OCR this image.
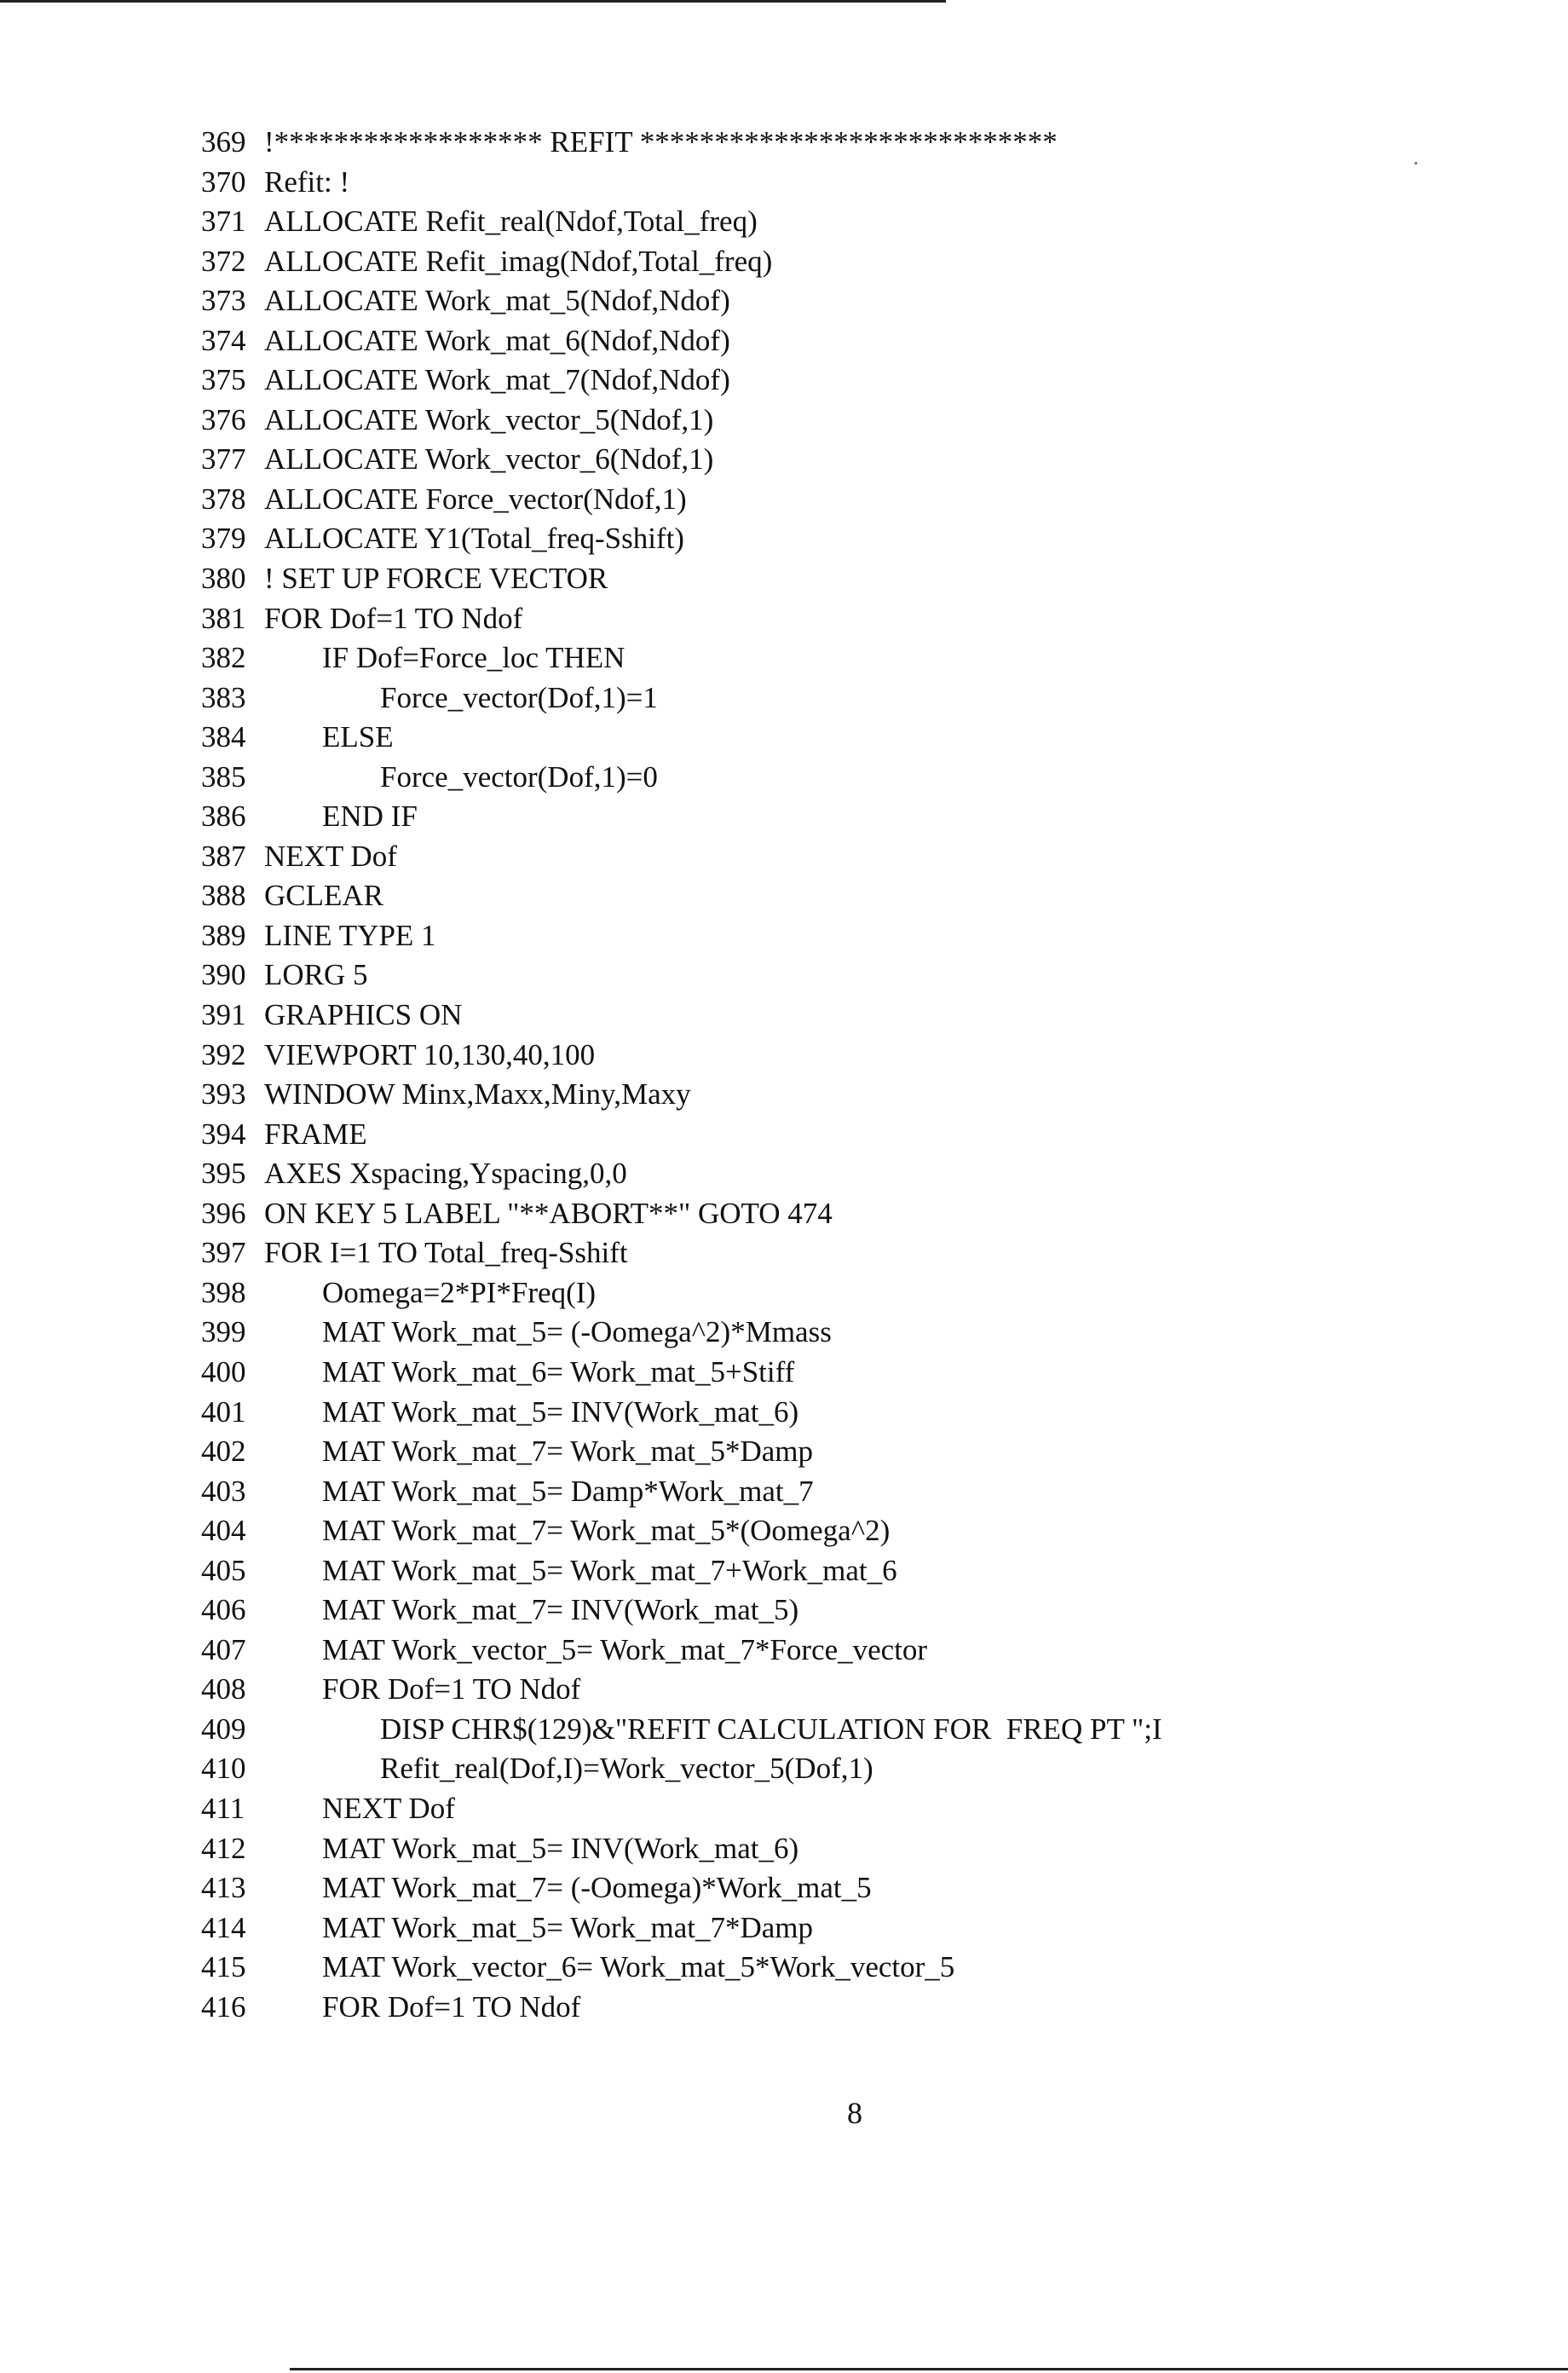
369 !****************** REFIT ****************************
370 Refit: !
371 ALLOCATE Refit_real(Ndof,Total_freq)
372 ALLOCATE Refit_imag(Ndof,Total_freq)
373 ALLOCATE Work_mat_5(Ndof,Ndof)
374 ALLOCATE Work_mat_6(Ndof,Ndof)
375 ALLOCATE Work_mat_7(Ndof,Ndof)
376 ALLOCATE Work_vector_5(Ndof,1)
377 ALLOCATE Work_vector_6(Ndof,1)
378 ALLOCATE Force_vector(Ndof,1)
379 ALLOCATE Y1(Total_freq-Sshift)
380 ! SET UP FORCE VECTOR
381 FOR Dof=1 TO Ndof
382	IF Dof=Force_loc THEN
383	Force_vector(Dof,1)=1
384	ELSE
385	Force_vector(Dof,1)=0
386	END IF
387 NEXT Dof
388 GCLEAR
389 LINE TYPE 1
390 LORG 5
391 GRAPHICS ON
392 VIEWPORT 10,130,40,100
393 WINDOW Minx,Maxx,Miny,Maxy
394 FRAME
395 AXES Xspacing,Yspacing,0,0
396 ON KEY 5 LABEL "**ABORT**" GOTO 474
397 FOR I=1 TO Total_freq-Sshift
398	Oomega=2*PI*Freq(I)
399	MAT Work_mat_5= (-Oomega^2)*Mmass
400	MAT Work_mat_6= Work_mat_5+Stiff
401	MAT Work_mat_5= INV(Work_mat_6)
402	MAT Work_mat_7= Work_mat_5*Damp
403	MAT Work_mat_5= Damp*Work_mat_7
404	MAT Work_mat_7= Work_mat_5*(Oomega^2)
405	MAT Work_mat_5= Work_mat_7+Work_mat_6
406	MAT Work_mat_7= INV(Work_mat_5)
407	MAT Work_vector_5= Work_mat_7*Force_vector
408	FOR Dof=1 TO Ndof
409	DISP CHR$(129)&"REFIT CALCULATION FOR  FREQ PT ";I
410	Refit_real(Dof,I)=Work_vector_5(Dof,1)
411	NEXT Dof
412	MAT Work_mat_5= INV(Work_mat_6)
413	MAT Work_mat_7= (-Oomega)*Work_mat_5
414	MAT Work_mat_5= Work_mat_7*Damp
415	MAT Work_vector_6= Work_mat_5*Work_vector_5
416	FOR Dof=1 TO Ndof
8
